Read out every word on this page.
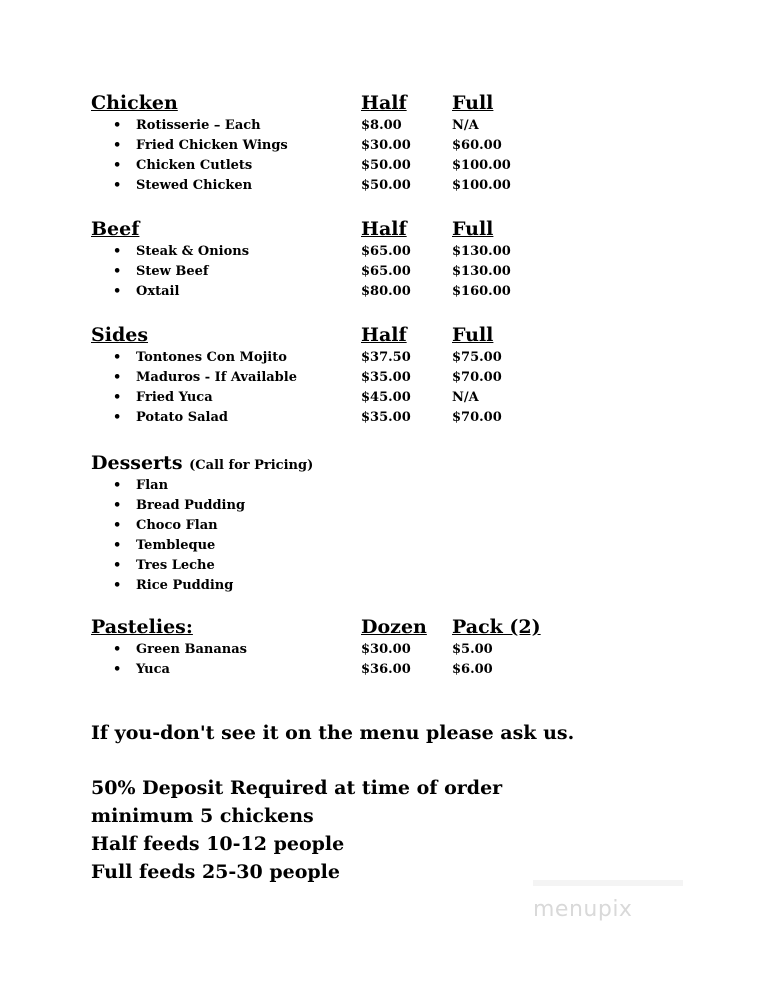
Chicken	Half Full
• Rotisserie – Each	$8.00	N/A
• Fried Chicken Wings	$30.00	$60.00
• Chicken Cutlets	$50.00	$100.00
• Stewed Chicken	$50.00	$100.00
Beef	Half Full
• Steak & Onions	$65.00	$130.00
• Stew Beef	$65.00	$130.00
• Oxtail	$80.00	$160.00
Sides	Half Full
• Tontones Con Mojito	$37.50	$75.00
• Maduros - If Available	$35.00	$70.00
• Fried Yuca	$45.00	N/A
• Potato Salad	$35.00	$70.00
Desserts (Call for Pricing)
• Flan
• Bread Pudding
• Choco Flan
• Tembleque
• Tres Leche
• Rice Pudding
Pastelies:	Dozen Pack (2)
• Green Bananas	$30.00	$5.00
• Yuca	$36.00	$6.00
If you-don't see it on the menu please ask us.
50% Deposit Required at time of order
minimum 5 chickens
Half feeds 10-12 people
Full feeds 25-30 people
menupix
